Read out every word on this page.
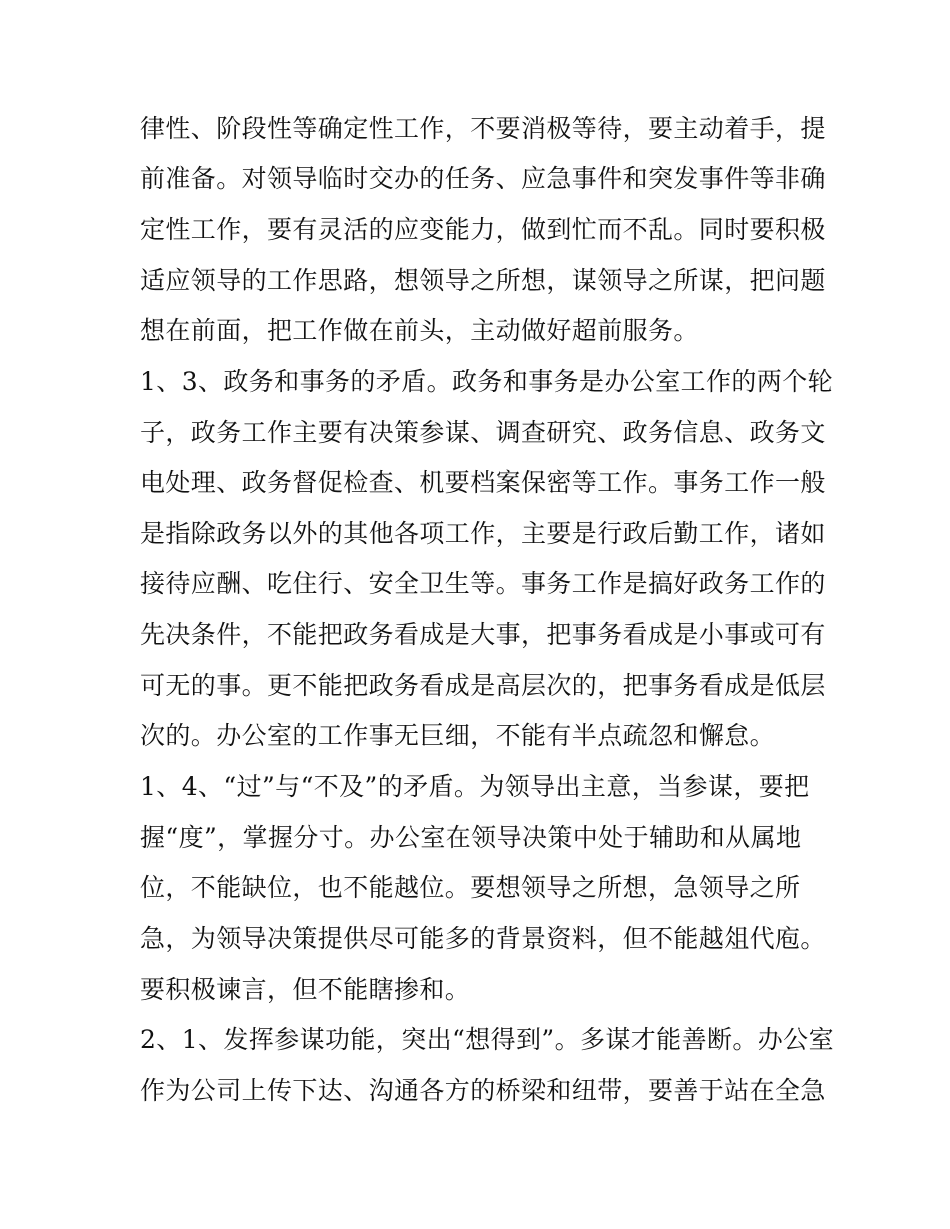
律性、阶段性等确定性工作，不要消极等待，要主动着手，提
前准备。对领导临时交办的任务、应急事件和突发事件等非确
定性工作，要有灵活的应变能力，做到忙而不乱。同时要积极
适应领导的工作思路，想领导之所想，谋领导之所谋，把问题
想在前面，把工作做在前头，主动做好超前服务。
1、3、政务和事务的矛盾。政务和事务是办公室工作的两个轮
子，政务工作主要有决策参谋、调查研究、政务信息、政务文
电处理、政务督促检查、机要档案保密等工作。事务工作一般
是指除政务以外的其他各项工作，主要是行政后勤工作，诸如
接待应酬、吃住行、安全卫生等。事务工作是搞好政务工作的
先决条件，不能把政务看成是大事，把事务看成是小事或可有
可无的事。更不能把政务看成是高层次的，把事务看成是低层
次的。办公室的工作事无巨细，不能有半点疏忽和懈怠。
1、4、“过”与“不及”的矛盾。为领导出主意，当参谋，要把
握“度”，掌握分寸。办公室在领导决策中处于辅助和从属地
位，不能缺位，也不能越位。要想领导之所想，急领导之所
急，为领导决策提供尽可能多的背景资料，但不能越俎代庖。
要积极谏言，但不能瞎掺和。
2、1、发挥参谋功能，突出“想得到”。多谋才能善断。办公室
作为公司上传下达、沟通各方的桥梁和纽带，要善于站在全急
